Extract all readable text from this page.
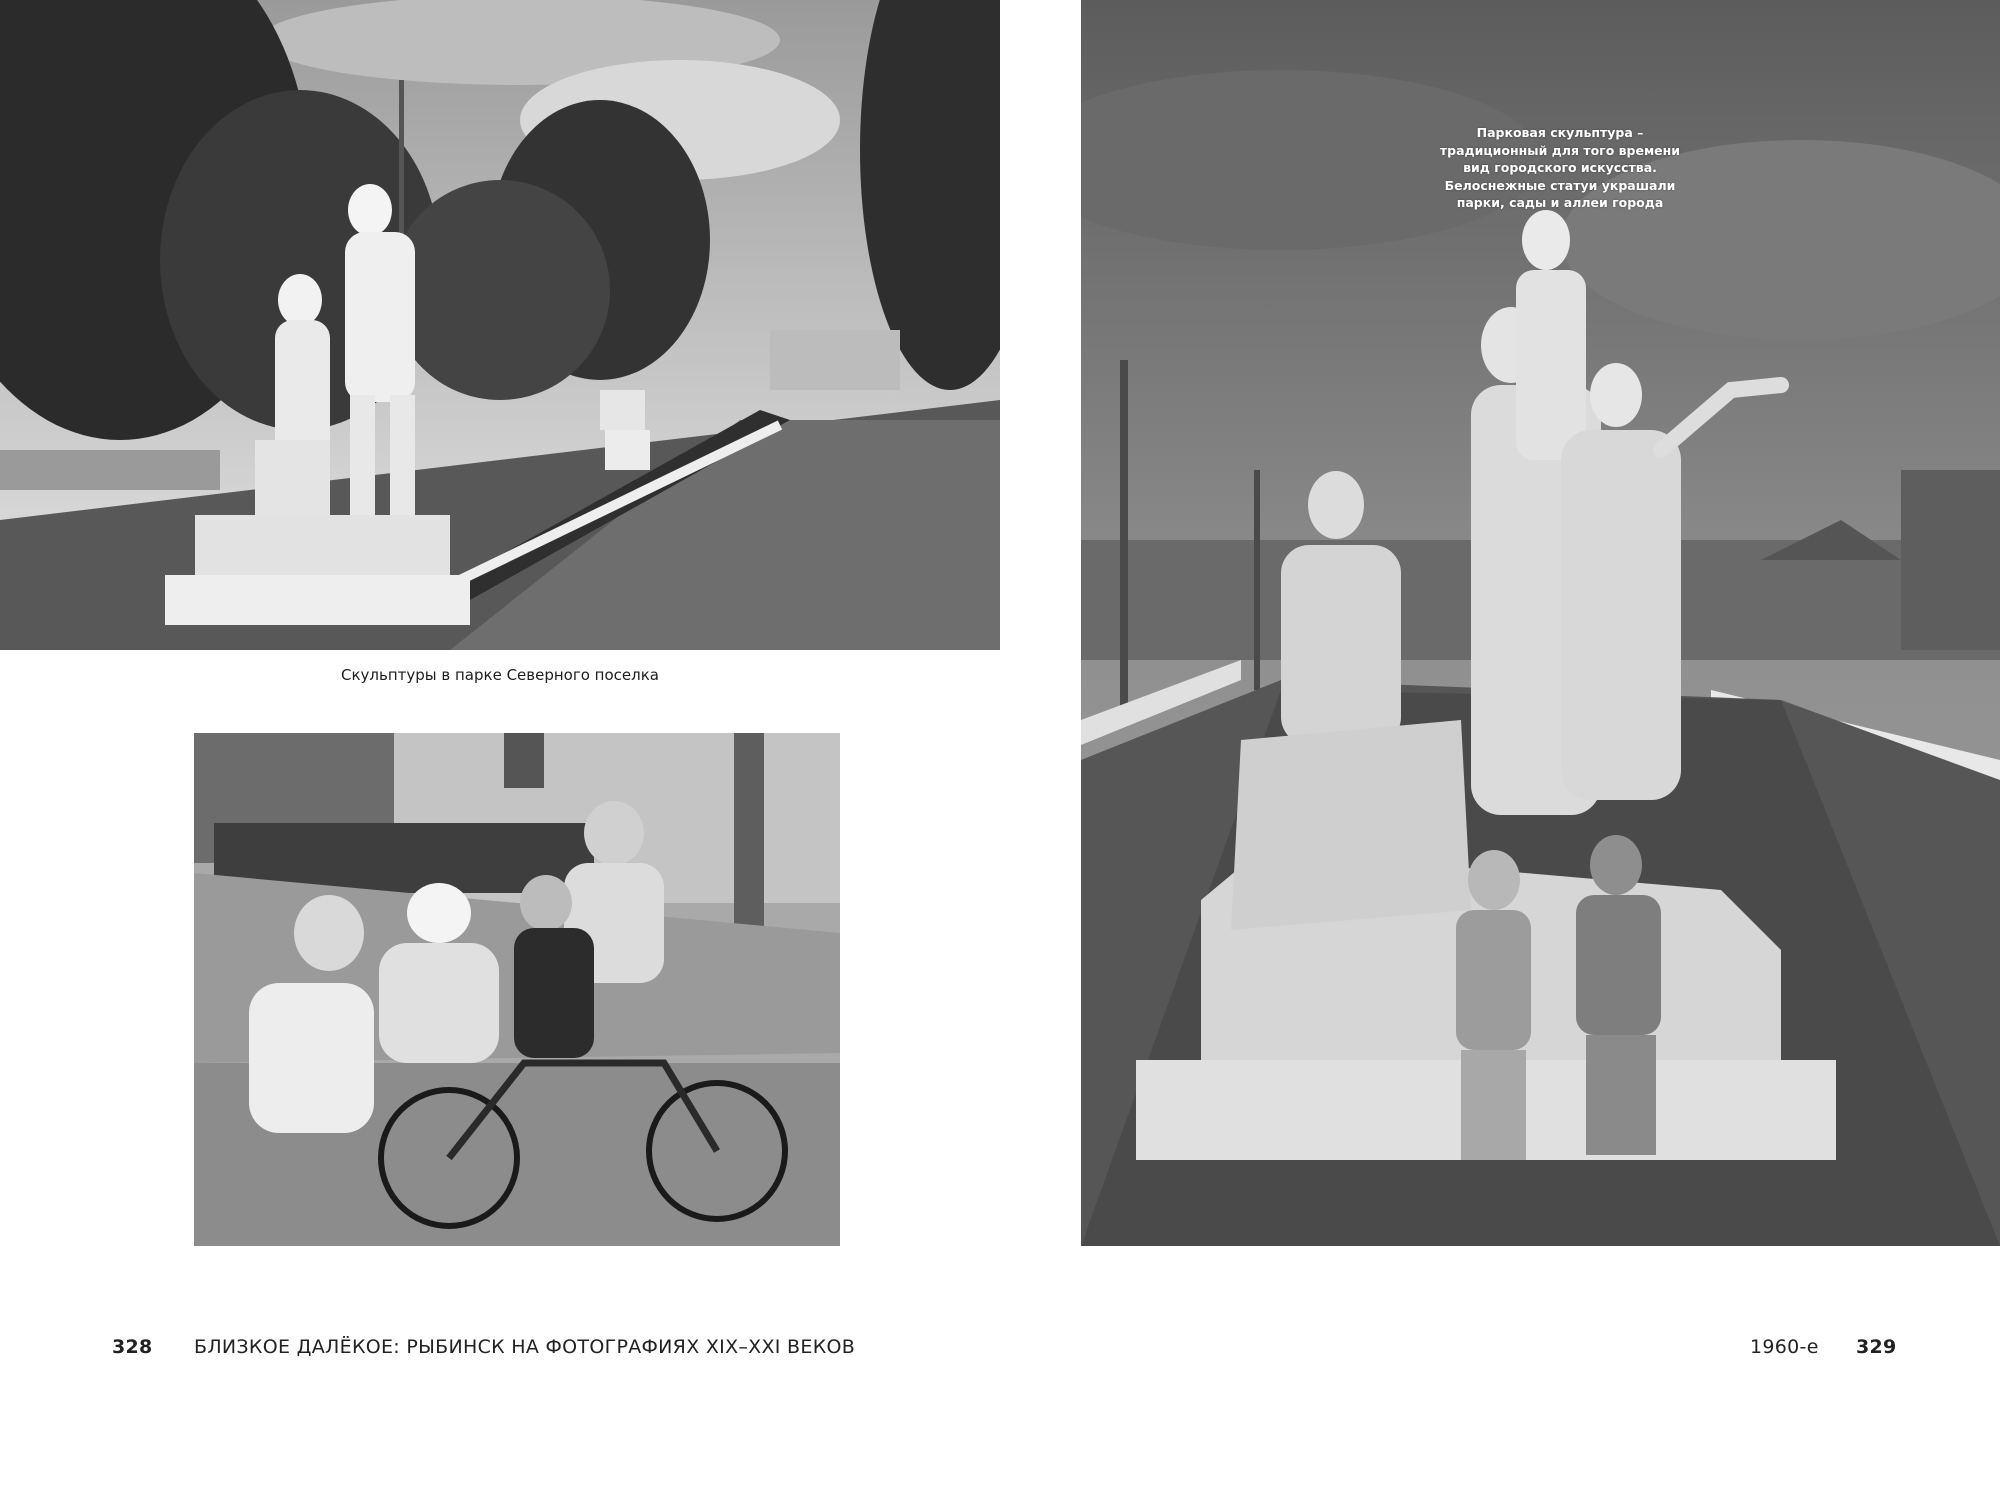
Скульптуры в парке Северного поселка
Парковая скульптура –
традиционный для того времени
вид городского искусства.
Белоснежные статуи украшали
парки, сады и аллеи города
328 БЛИЗКОЕ ДАЛЁКОЕ: РЫБИНСК НА ФОТОГРАФИЯХ XIX–XXI ВЕКОВ	1960-е 329
